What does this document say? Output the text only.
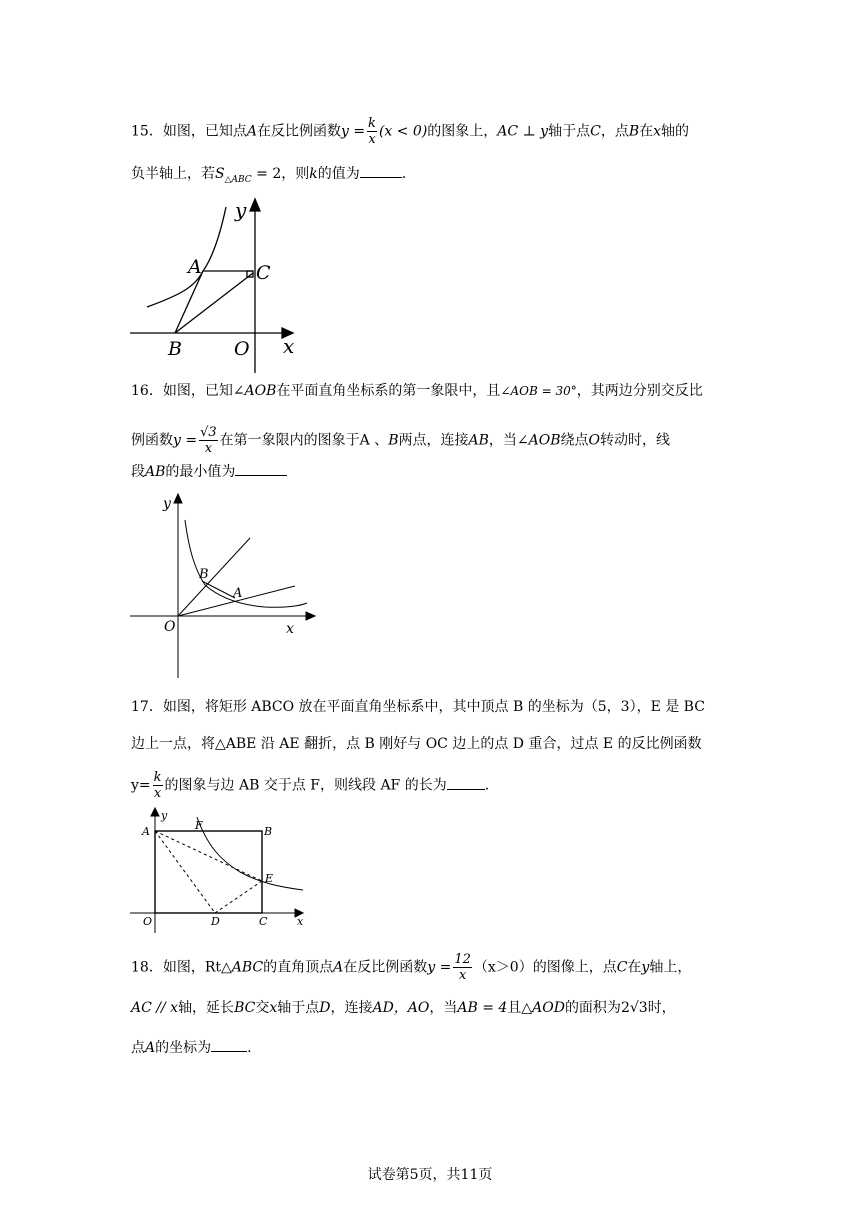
15．如图，已知点A在反比例函数$y = \frac{k}{x} (x < 0)$的图象上，AC ⊥ y轴于点C，点B在x轴的
负半轴上，若$S_{\triangle ABC} = 2$，则k的值为	.
y
A	C
B	O x
16．如图，已知∠AOB在平面直角坐标系的第一象限中，且∠AOB = 30°，其两边分别交反比
例函数$y = \frac{√3}{x}$ 在第一象限内的图象于A 、B两点，连接AB，当∠AOB绕点O转动时，线
段AB的最小值为
y
B
A
O	x
17．如图，将矩形 ABCO 放在平面直角坐标系中，其中顶点 B 的坐标为（5，3），E 是 BC
边上一点，将△ABE 沿 AE 翻折，点 B 刚好与 OC 边上的点 D 重合，过点 E 的反比例函数
$y= \frac{k}{x}$ 的图象与边 AB 交于点 F，则线段 AF 的长为	.
y
A	F	B
E
O	D	C	x
18．如图，Rt△ABC的直角顶点A在反比例函数$y = \frac{12}{x} (x>0)$的图像上，点C在y轴上，
AC // x轴，延长BC交x轴于点D，连接AD，AO，当AB = 4且△AOD的面积为2√3时，
点A的坐标为	.
试卷第5页，共11页
